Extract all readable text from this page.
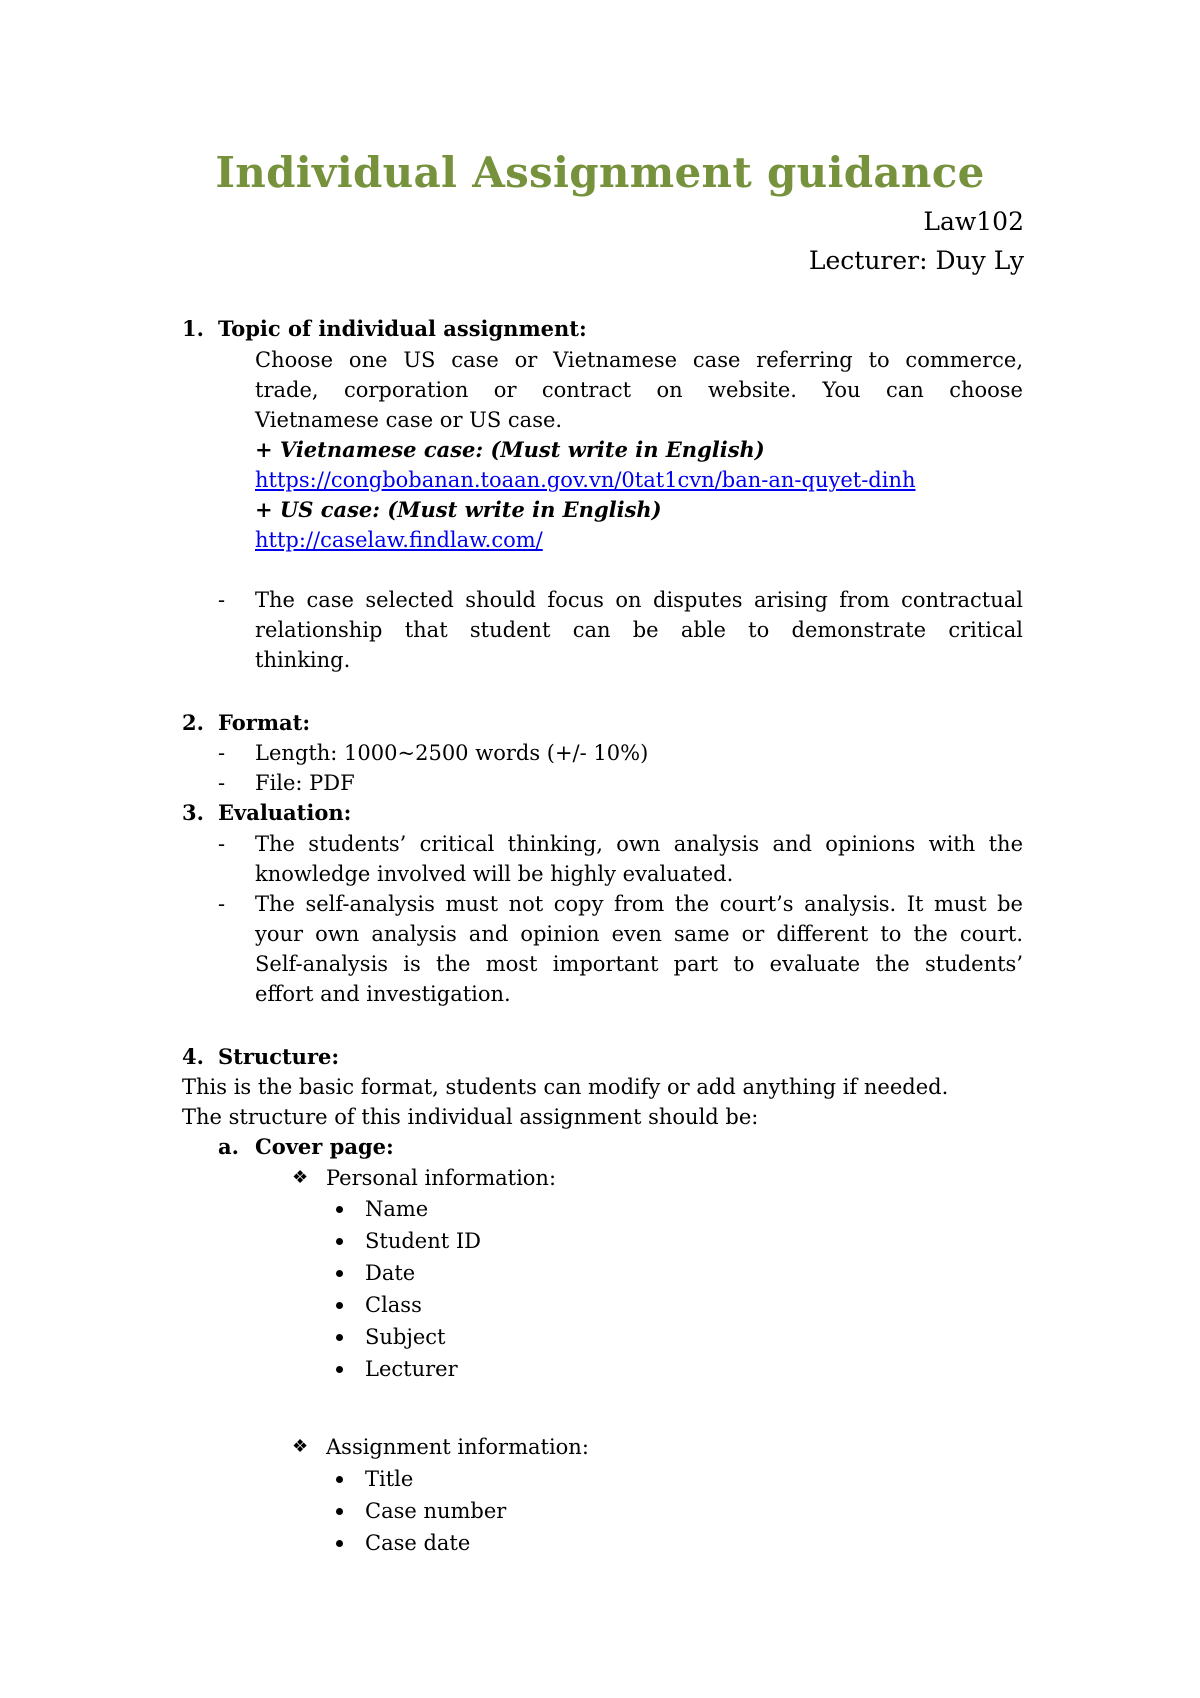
Individual Assignment guidance
Law102
Lecturer: Duy Ly
1. Topic of individual assignment:
Choose one US case or Vietnamese case referring to commerce,
trade, corporation or contract on website. You can choose
Vietnamese case or US case.
+ Vietnamese case: (Must write in English)
https://congbobanan.toaan.gov.vn/0tat1cvn/ban-an-quyet-dinh
+ US case: (Must write in English)
http://caselaw.findlaw.com/
- The case selected should focus on disputes arising from contractual
relationship that student can be able to demonstrate critical
thinking.
2. Format:
- Length: 1000~2500 words (+/- 10%)
- File: PDF
3. Evaluation:
- The students’ critical thinking, own analysis and opinions with the
knowledge involved will be highly evaluated.
- The self-analysis must not copy from the court’s analysis. It must be
your own analysis and opinion even same or different to the court.
Self-analysis is the most important part to evaluate the students’
effort and investigation.
4. Structure:
This is the basic format, students can modify or add anything if needed.
The structure of this individual assignment should be:
a. Cover page:
❖ Personal information:
Name
Student ID
Date
Class
Subject
Lecturer
❖ Assignment information:
Title
Case number
Case date
